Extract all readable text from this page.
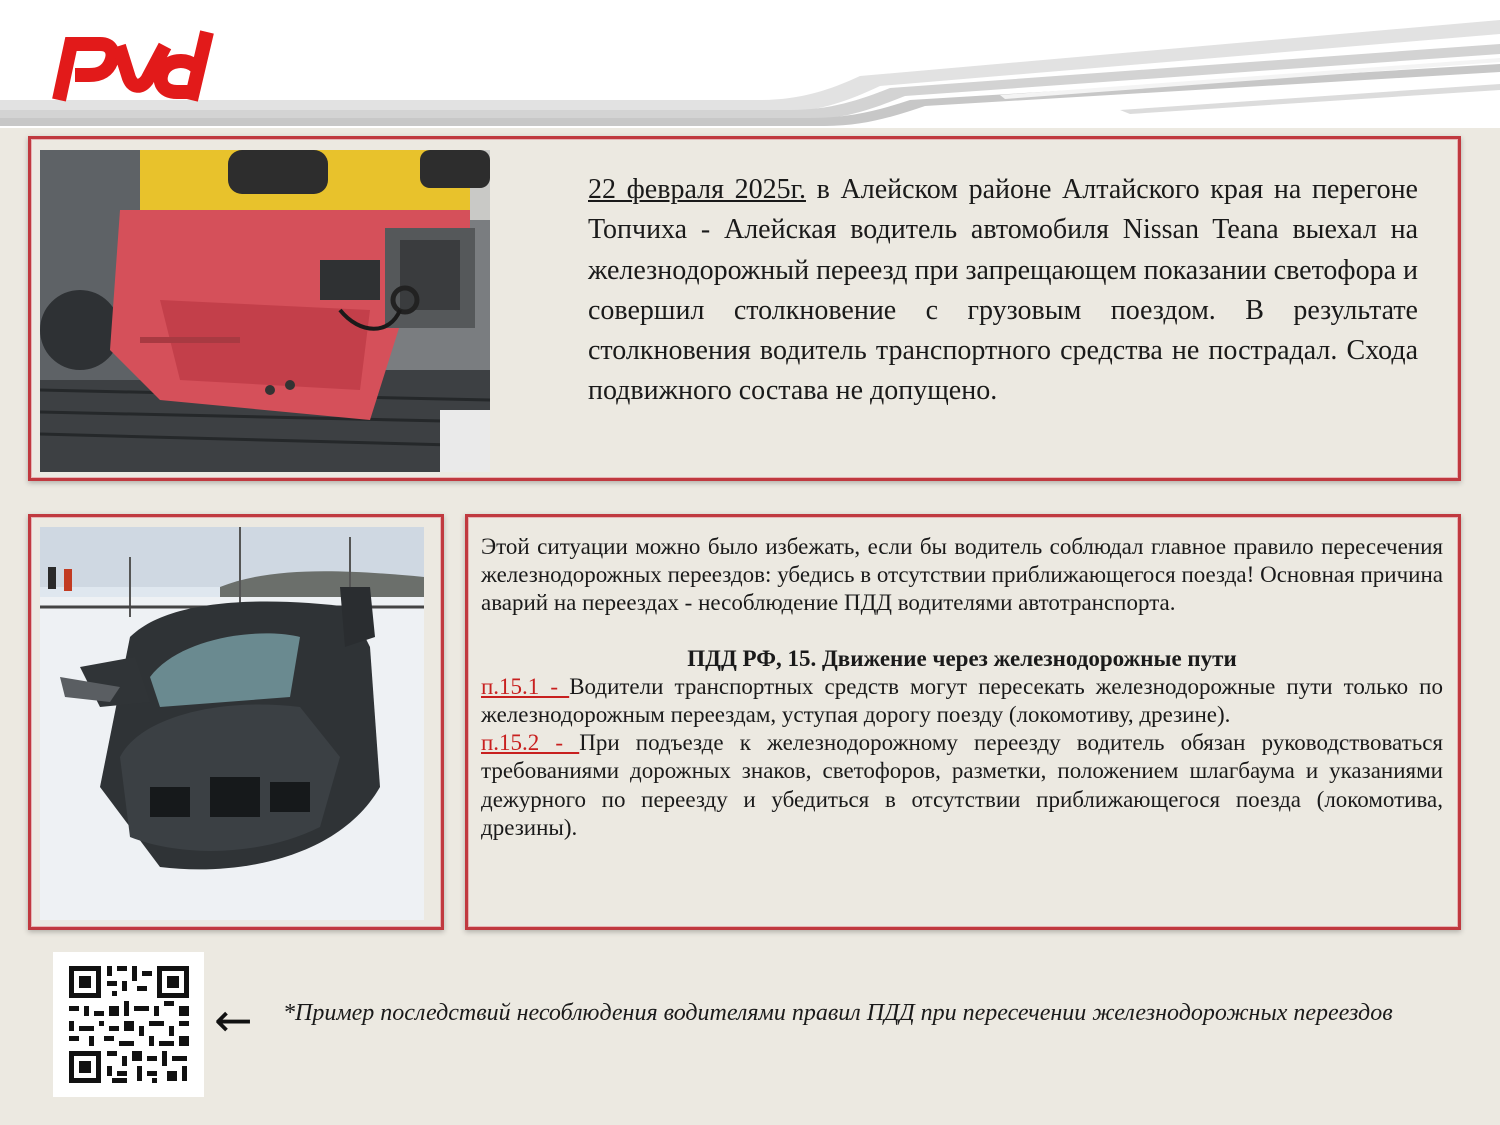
22 февраля 2025г. в Алейском районе Алтайского края на перегоне Топчиха - Алейская водитель автомобиля Nissan Teana выехал на железнодорожный переезд при запрещающем показании светофора и совершил столкновение с грузовым поездом. В результате столкновения водитель транспортного средства не пострадал. Схода подвижного состава не допущено.

Этой ситуации можно было избежать, если бы водитель соблюдал главное правило пересечения железнодорожных переездов: убедись в отсутствии приближающегося поезда! Основная причина аварий на переездах - несоблюдение ПДД водителями автотранспорта.

ПДД РФ, 15. Движение через железнодорожные пути

п.15.1 - Водители транспортных средств могут пересекать железнодорожные пути только по железнодорожным переездам, уступая дорогу поезду (локомотиву, дрезине).

п.15.2 - При подъезде к железнодорожному переезду водитель обязан руководствоваться требованиями дорожных знаков, светофоров, разметки, положением шлагбаума и указаниями дежурного по переезду и убедиться в отсутствии приближающегося поезда (локомотива, дрезины).

← *Пример последствий несоблюдения водителями правил ПДД при пересечении железнодорожных переездов
